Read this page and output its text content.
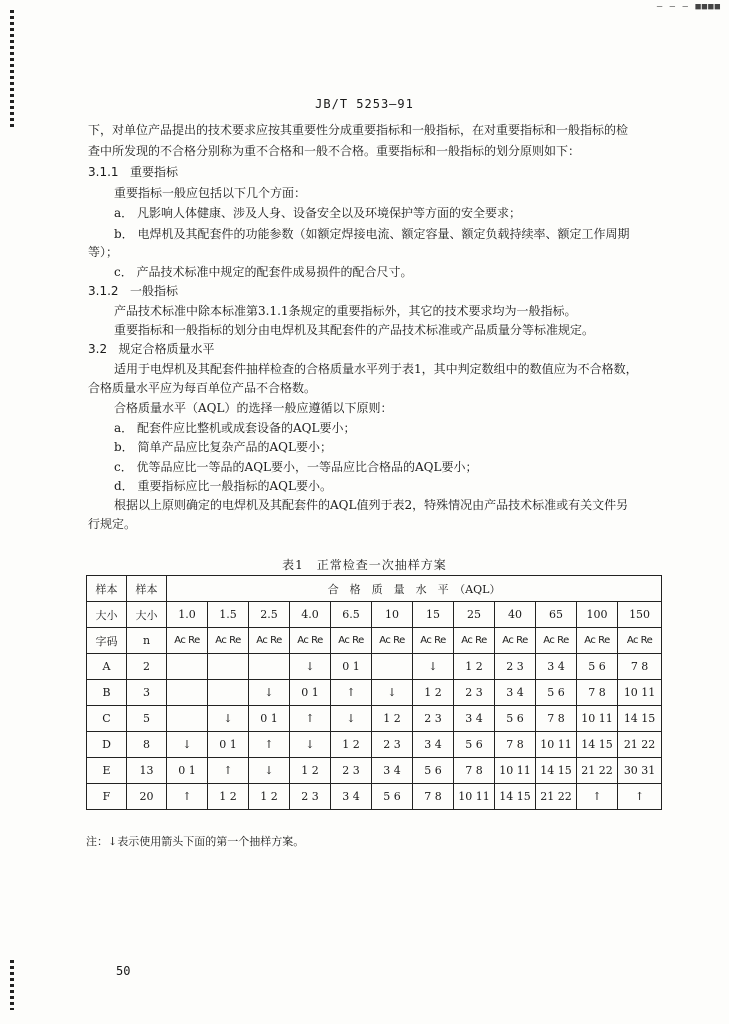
— — — ■■■■
JB/T 5253—91
下，对单位产品提出的技术要求应按其重要性分成重要指标和一般指标，在对重要指标和一般指标的检
查中所发现的不合格分别称为重不合格和一般不合格。重要指标和一般指标的划分原则如下：
3.1.1 重要指标
重要指标一般应包括以下几个方面：
a． 凡影响人体健康、涉及人身、设备安全以及环境保护等方面的安全要求；
b． 电焊机及其配套件的功能参数（如额定焊接电流、额定容量、额定负载持续率、额定工作周期
等）；
c． 产品技术标准中规定的配套件成易损件的配合尺寸。
3.1.2 一般指标
产品技术标准中除本标准第3.1.1条规定的重要指标外，其它的技术要求均为一般指标。
重要指标和一般指标的划分由电焊机及其配套件的产品技术标准或产品质量分等标准规定。
3.2 规定合格质量水平
适用于电焊机及其配套件抽样检查的合格质量水平列于表1，其中判定数组中的数值应为不合格数，
合格质量水平应为每百单位产品不合格数。
合格质量水平（AQL）的选择一般应遵循以下原则：
a． 配套件应比整机或成套设备的AQL要小；
b． 简单产品应比复杂产品的AQL要小；
c． 优等品应比一等品的AQL要小，一等品应比合格品的AQL要小；
d． 重要指标应比一般指标的AQL要小。
根据以上原则确定的电焊机及其配套件的AQL值列于表2，特殊情况由产品技术标准或有关文件另
行规定。
表1　正常检查一次抽样方案
样本	样本	合　格　质　量　水　平　（AQL）											
大小	大小	1.0	1.5	2.5	4.0	6.5	10	15	25	40	65	100	150
字码	n	Ac Re	Ac Re	Ac Re	Ac Re	Ac Re	Ac Re	Ac Re	Ac Re	Ac Re	Ac Re	Ac Re	Ac Re
A	2				↓	0 1		↓	1 2	2 3	3 4	5 6	7 8
B	3			↓	0 1	↑	↓	1 2	2 3	3 4	5 6	7 8	10 11
C	5		↓	0 1	↑	↓	1 2	2 3	3 4	5 6	7 8	10 11	14 15
D	8	↓	0 1	↑	↓	1 2	2 3	3 4	5 6	7 8	10 11	14 15	21 22
E	13	0 1	↑	↓	1 2	2 3	3 4	5 6	7 8	10 11	14 15	21 22	30 31
F	20	↑	1 2	1 2	2 3	3 4	5 6	7 8	10 11	14 15	21 22	↑	↑
注：↓表示使用箭头下面的第一个抽样方案。
50
